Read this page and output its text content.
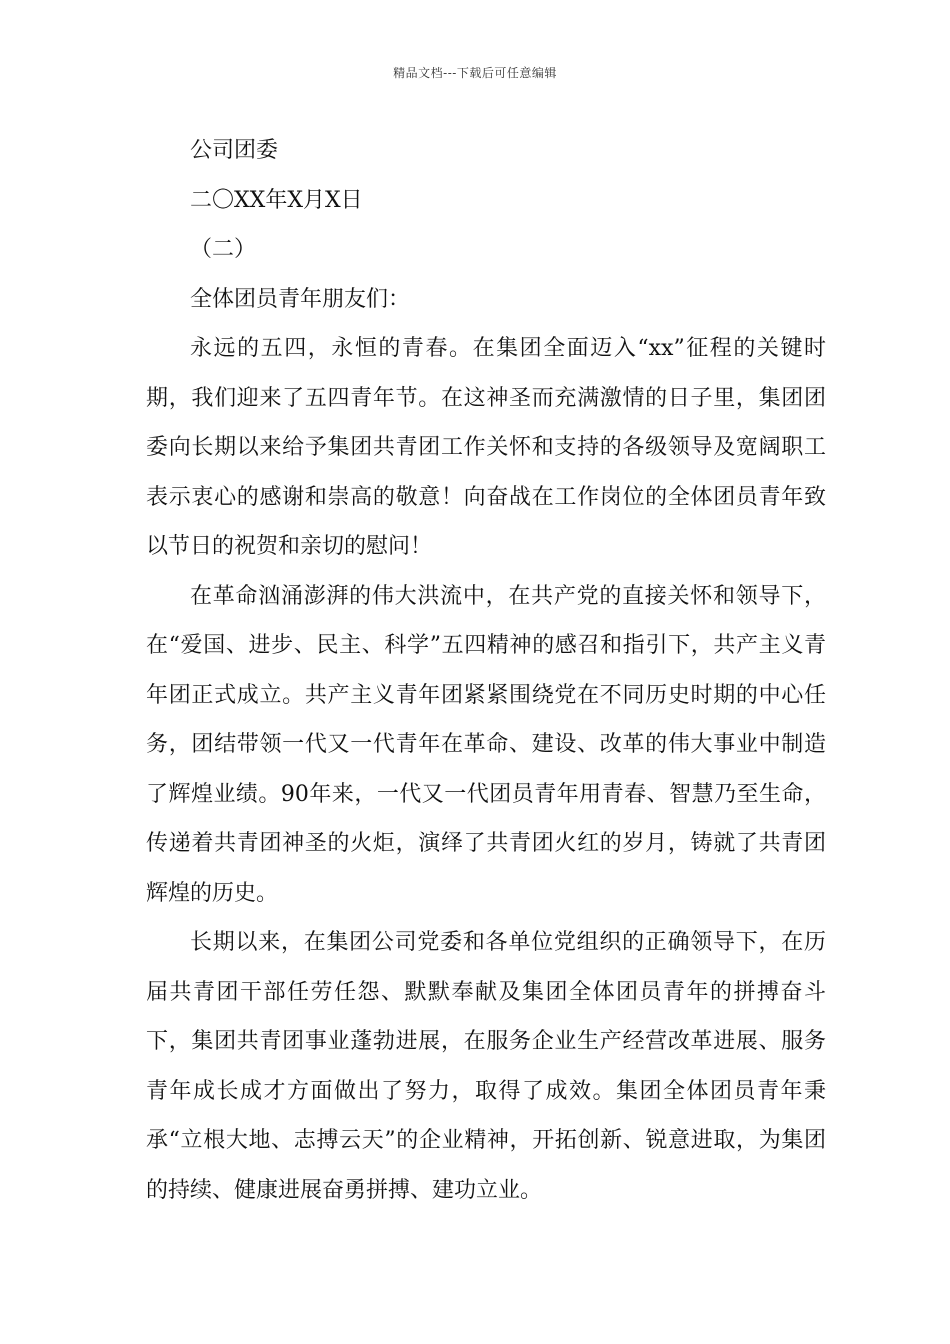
精品文档---下载后可任意编辑
公司团委
二〇XX年X月X日
（二）
全体团员青年朋友们：

永远的五四，永恒的青春。在集团全面迈入“xx”征程的关键时期，我们迎来了五四青年节。在这神圣而充满激情的日子里，集团团委向长期以来给予集团共青团工作关怀和支持的各级领导及宽阔职工表示衷心的感谢和崇高的敬意！向奋战在工作岗位的全体团员青年致以节日的祝贺和亲切的慰问！

在革命汹涌澎湃的伟大洪流中，在共产党的直接关怀和领导下，在“爱国、进步、民主、科学”五四精神的感召和指引下，共产主义青年团正式成立。共产主义青年团紧紧围绕党在不同历史时期的中心任务，团结带领一代又一代青年在革命、建设、改革的伟大事业中制造了辉煌业绩。90年来，一代又一代团员青年用青春、智慧乃至生命，传递着共青团神圣的火炬，演绎了共青团火红的岁月，铸就了共青团辉煌的历史。

长期以来，在集团公司党委和各单位党组织的正确领导下，在历届共青团干部任劳任怨、默默奉献及集团全体团员青年的拼搏奋斗下，集团共青团事业蓬勃进展，在服务企业生产经营改革进展、服务青年成长成才方面做出了努力，取得了成效。集团全体团员青年秉承“立根大地、志搏云天”的企业精神，开拓创新、锐意进取，为集团的持续、健康进展奋勇拼搏、建功立业。
